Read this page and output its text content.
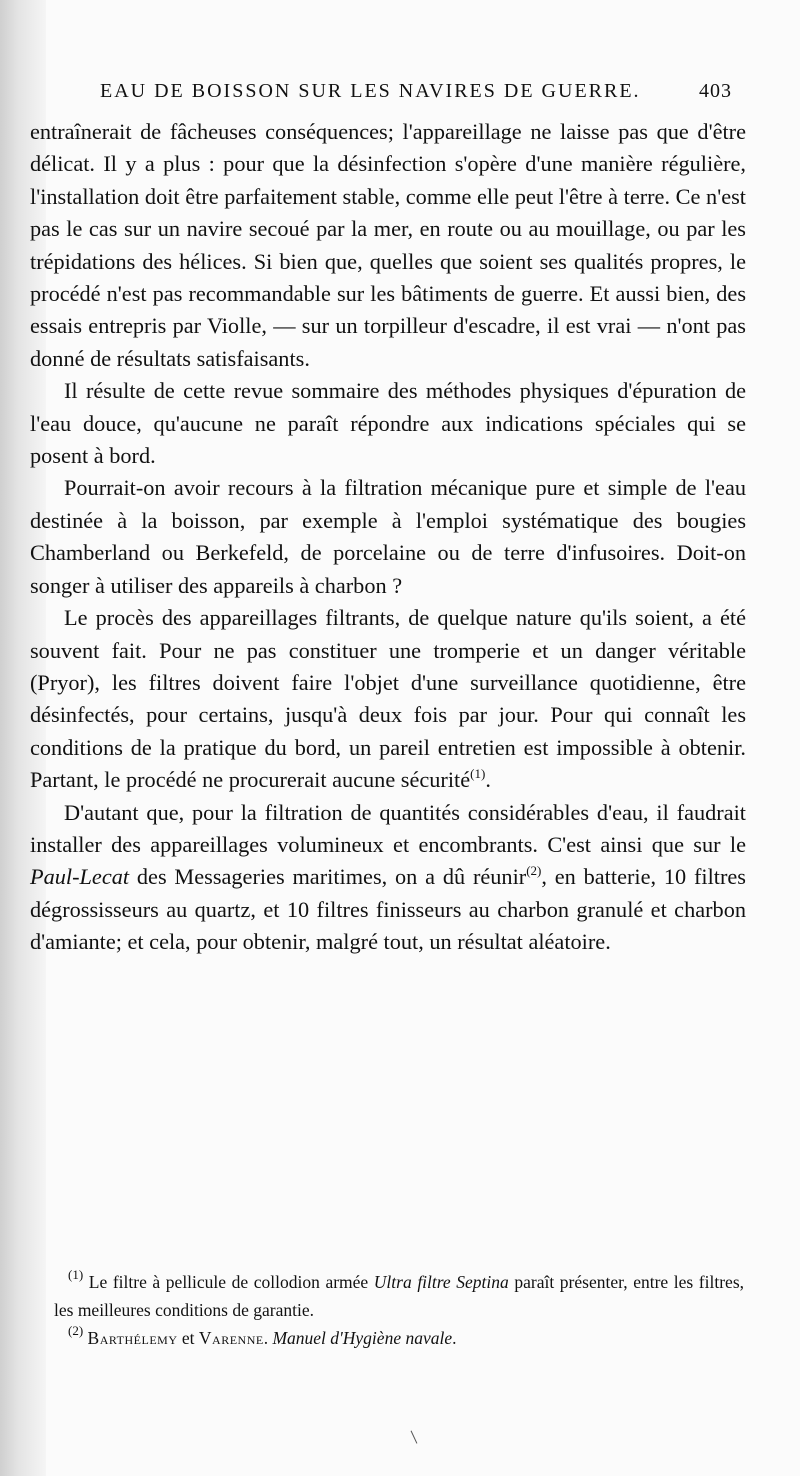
EAU DE BOISSON SUR LES NAVIRES DE GUERRE.	403

entraînerait de fâcheuses conséquences; l'appareillage ne laisse pas que d'être délicat. Il y a plus : pour que la désinfection s'opère d'une manière régulière, l'installation doit être parfaitement stable, comme elle peut l'être à terre. Ce n'est pas le cas sur un navire secoué par la mer, en route ou au mouillage, ou par les trépidations des hélices. Si bien que, quelles que soient ses qualités propres, le procédé n'est pas recommandable sur les bâtiments de guerre. Et aussi bien, des essais entrepris par Violle, — sur un torpilleur d'escadre, il est vrai — n'ont pas donné de résultats satisfaisants.

Il résulte de cette revue sommaire des méthodes physiques d'épuration de l'eau douce, qu'aucune ne paraît répondre aux indications spéciales qui se posent à bord.

Pourrait-on avoir recours à la filtration mécanique pure et simple de l'eau destinée à la boisson, par exemple à l'emploi systématique des bougies Chamberland ou Berkefeld, de porcelaine ou de terre d'infusoires. Doit-on songer à utiliser des appareils à charbon ?

Le procès des appareillages filtrants, de quelque nature qu'ils soient, a été souvent fait. Pour ne pas constituer une tromperie et un danger véritable (Pryor), les filtres doivent faire l'objet d'une surveillance quotidienne, être désinfectés, pour certains, jusqu'à deux fois par jour. Pour qui connaît les conditions de la pratique du bord, un pareil entretien est impossible à obtenir. Partant, le procédé ne procurerait aucune sécurité$^{(1)}$.

D'autant que, pour la filtration de quantités considérables d'eau, il faudrait installer des appareillages volumineux et encombrants. C'est ainsi que sur le Paul-Lecat des Messageries maritimes, on a dû réunir$^{(2)}$, en batterie, 10 filtres dégrossisseurs au quartz, et 10 filtres finisseurs au charbon granulé et charbon d'amiante; et cela, pour obtenir, malgré tout, un résultat aléatoire.

$^{(1)}$ Le filtre à pellicule de collodion armée Ultra filtre Septina paraît présenter, entre les filtres, les meilleures conditions de garantie.

$^{(2)}$ Barthélemy et Varenne. Manuel d'Hygiène navale.
